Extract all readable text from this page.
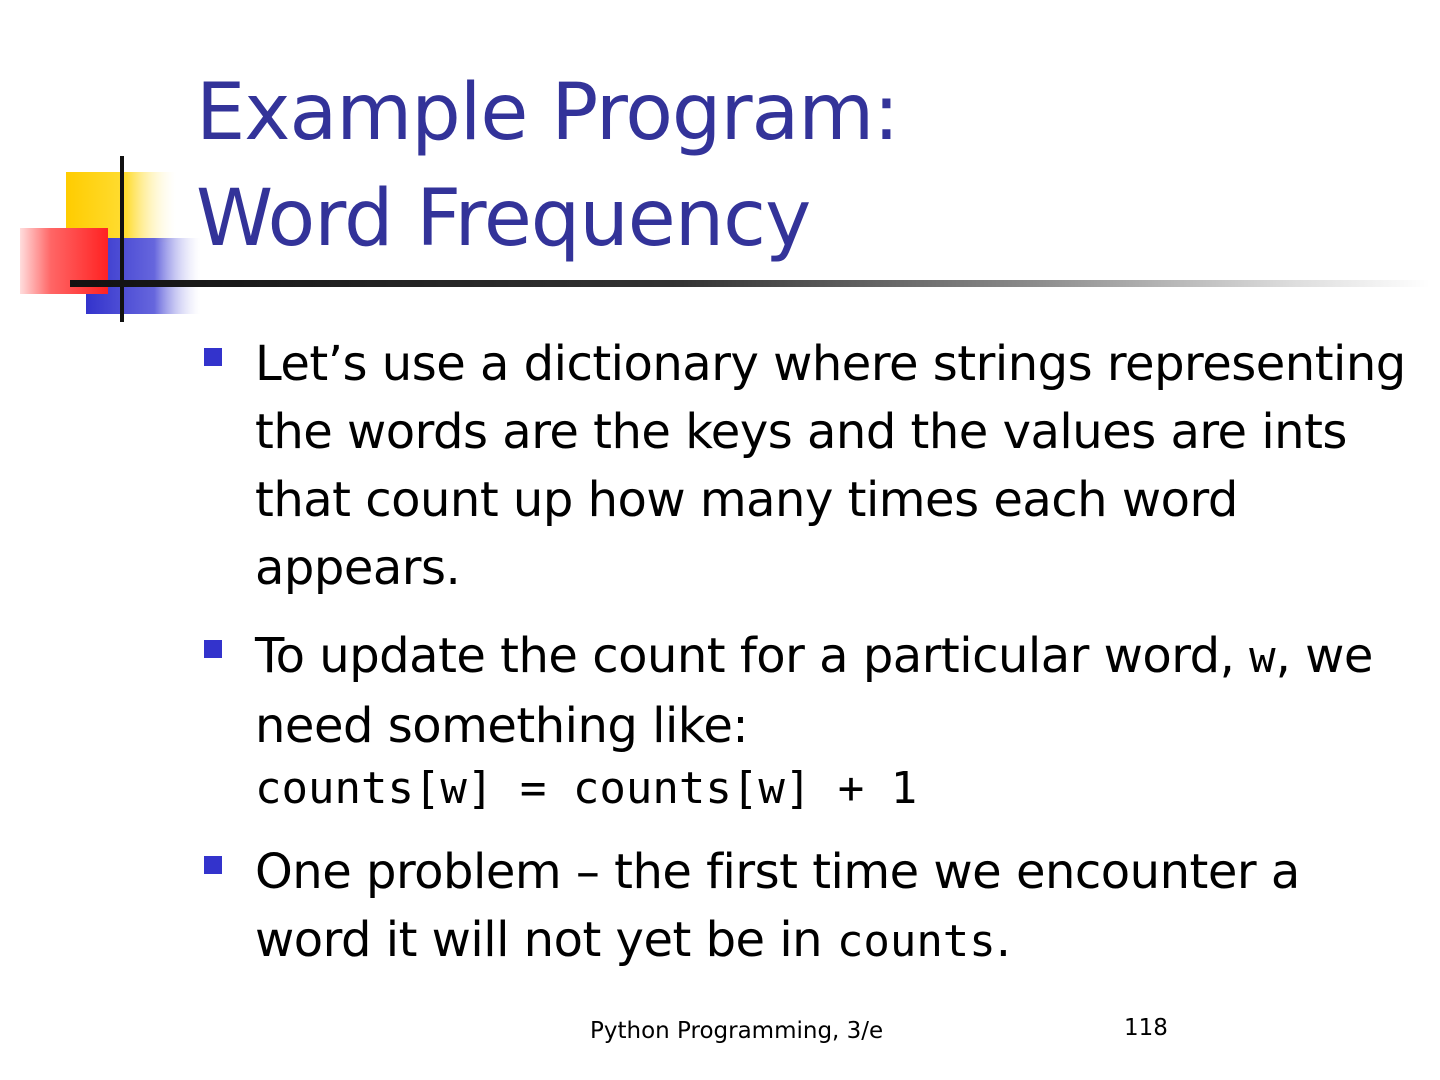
Example Program:
Word Frequency
Let’s use a dictionary where strings representing the words are the keys and the values are ints that count up how many times each word appears.
To update the count for a particular word, w, we need something like:
counts[w] = counts[w] + 1
One problem – the first time we encounter a word it will not yet be in counts.
Python Programming, 3/e	118
